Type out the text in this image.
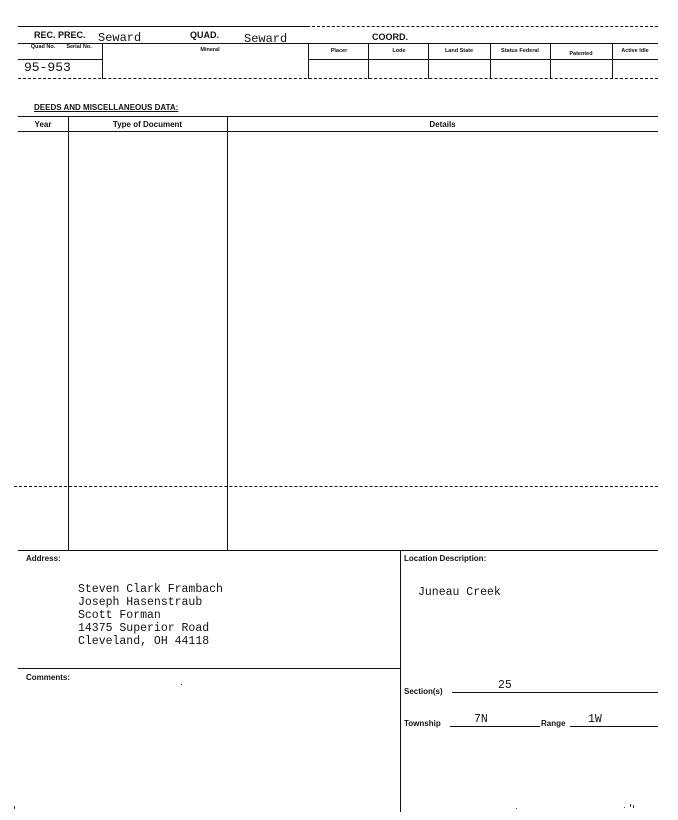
REC. PREC. Seward	QUAD. Seward	COORD.
Quad No.	Serial No.	Mineral	Placer	Lode	Land State	Status Federal	Patented	Active Idle
95-953
DEEDS AND MISCELLANEOUS DATA:
Year	Type of Document	Details
Address:
Steven Clark Frambach
Joseph Hasenstraub
Scott Forman
14375 Superior Road
Cleveland, OH 44118
Comments:
Location Description:
Juneau Creek
Section(s)	25
Township	7N	Range 1W
